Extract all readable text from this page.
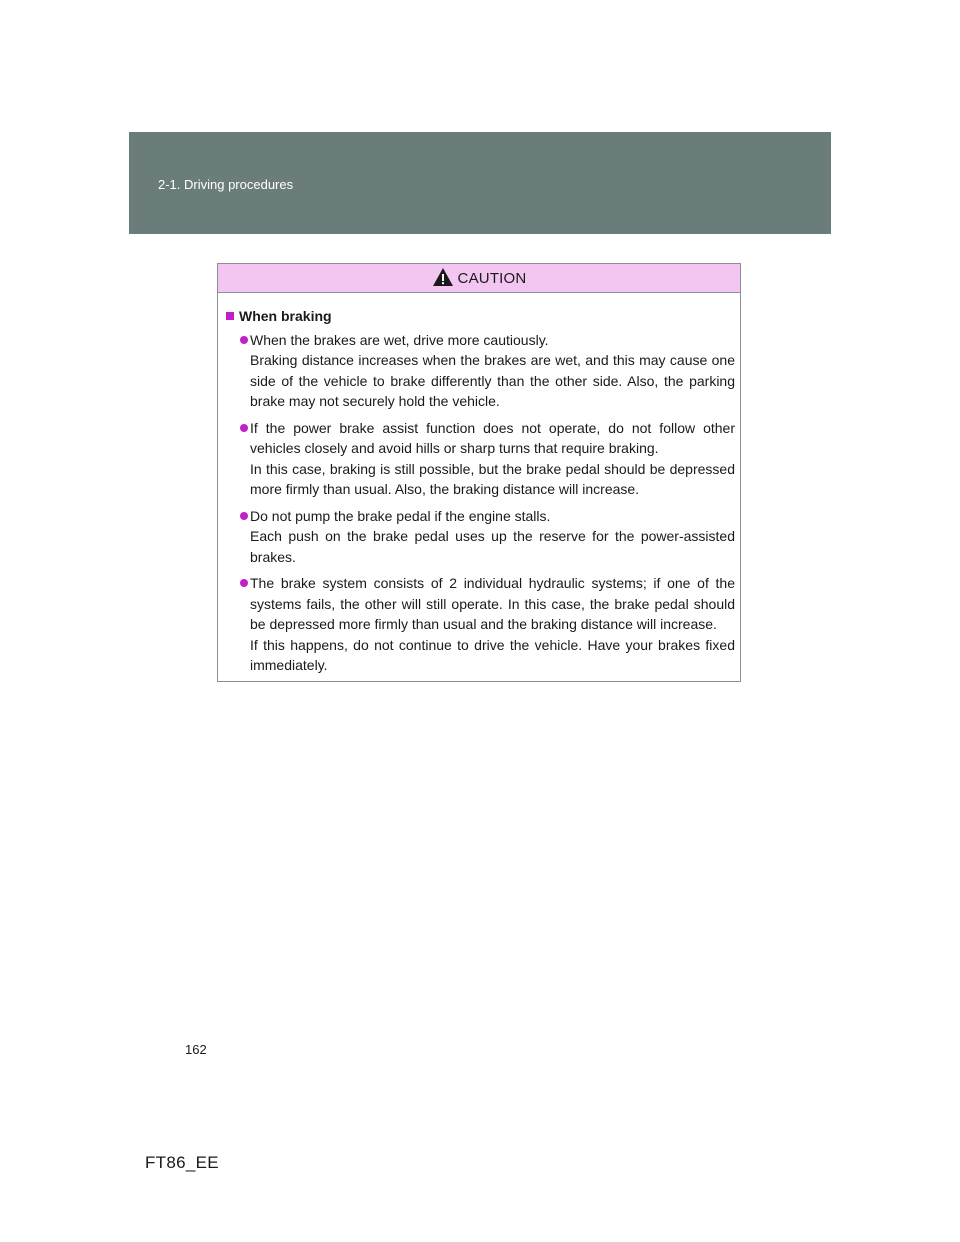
2-1. Driving procedures
CAUTION
When braking

When the brakes are wet, drive more cautiously.

Braking distance increases when the brakes are wet, and this may cause one side of the vehicle to brake differently than the other side. Also, the parking brake may not securely hold the vehicle.

If the power brake assist function does not operate, do not follow other vehicles closely and avoid hills or sharp turns that require braking.

In this case, braking is still possible, but the brake pedal should be depressed more firmly than usual. Also, the braking distance will increase.

Do not pump the brake pedal if the engine stalls.

Each push on the brake pedal uses up the reserve for the power-assisted brakes.

The brake system consists of 2 individual hydraulic systems; if one of the systems fails, the other will still operate. In this case, the brake pedal should be depressed more firmly than usual and the braking distance will increase.

If this happens, do not continue to drive the vehicle. Have your brakes fixed immediately.

162
FT86_EE
